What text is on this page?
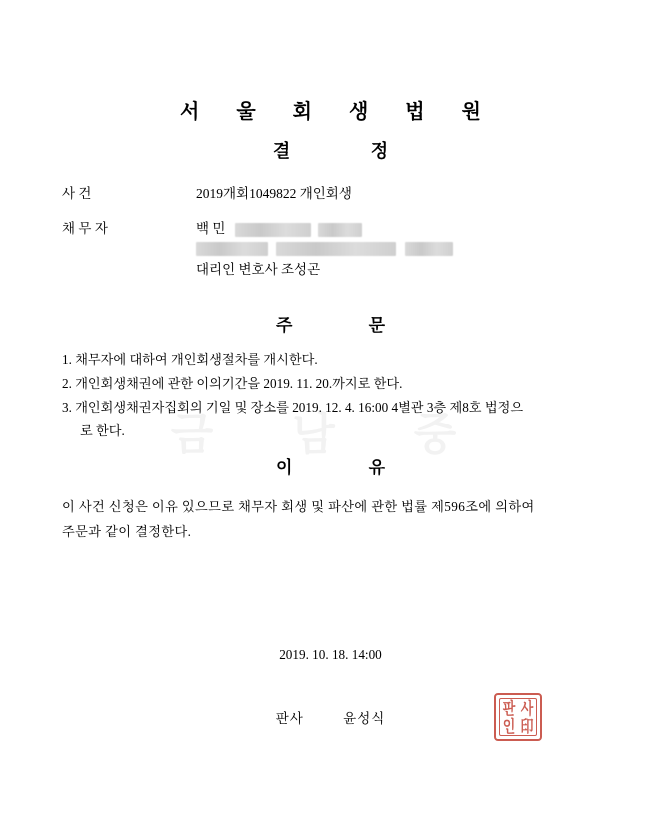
금 남 중
서 울 회 생 법 원
결 정
사 건	2019개회1049822 개인회생
채 무 자	백 민

대리인 변호사 조성곤
주 문
1. 채무자에 대하여 개인회생절차를 개시한다.
2. 개인회생채권에 관한 이의기간을 2019. 11. 20.까지로 한다.
3. 개인회생채권자집회의 기일 및 장소를 2019. 12. 4. 16:00 4별관 3층 제8호 법정으
로 한다.
이 유
이 사건 신청은 이유 있으므로 채무자 회생 및 파산에 관한 법률 제596조에 의하여
주문과 같이 결정한다.
2019. 10. 18. 14:00
판사	윤성식
판 사
인 印
